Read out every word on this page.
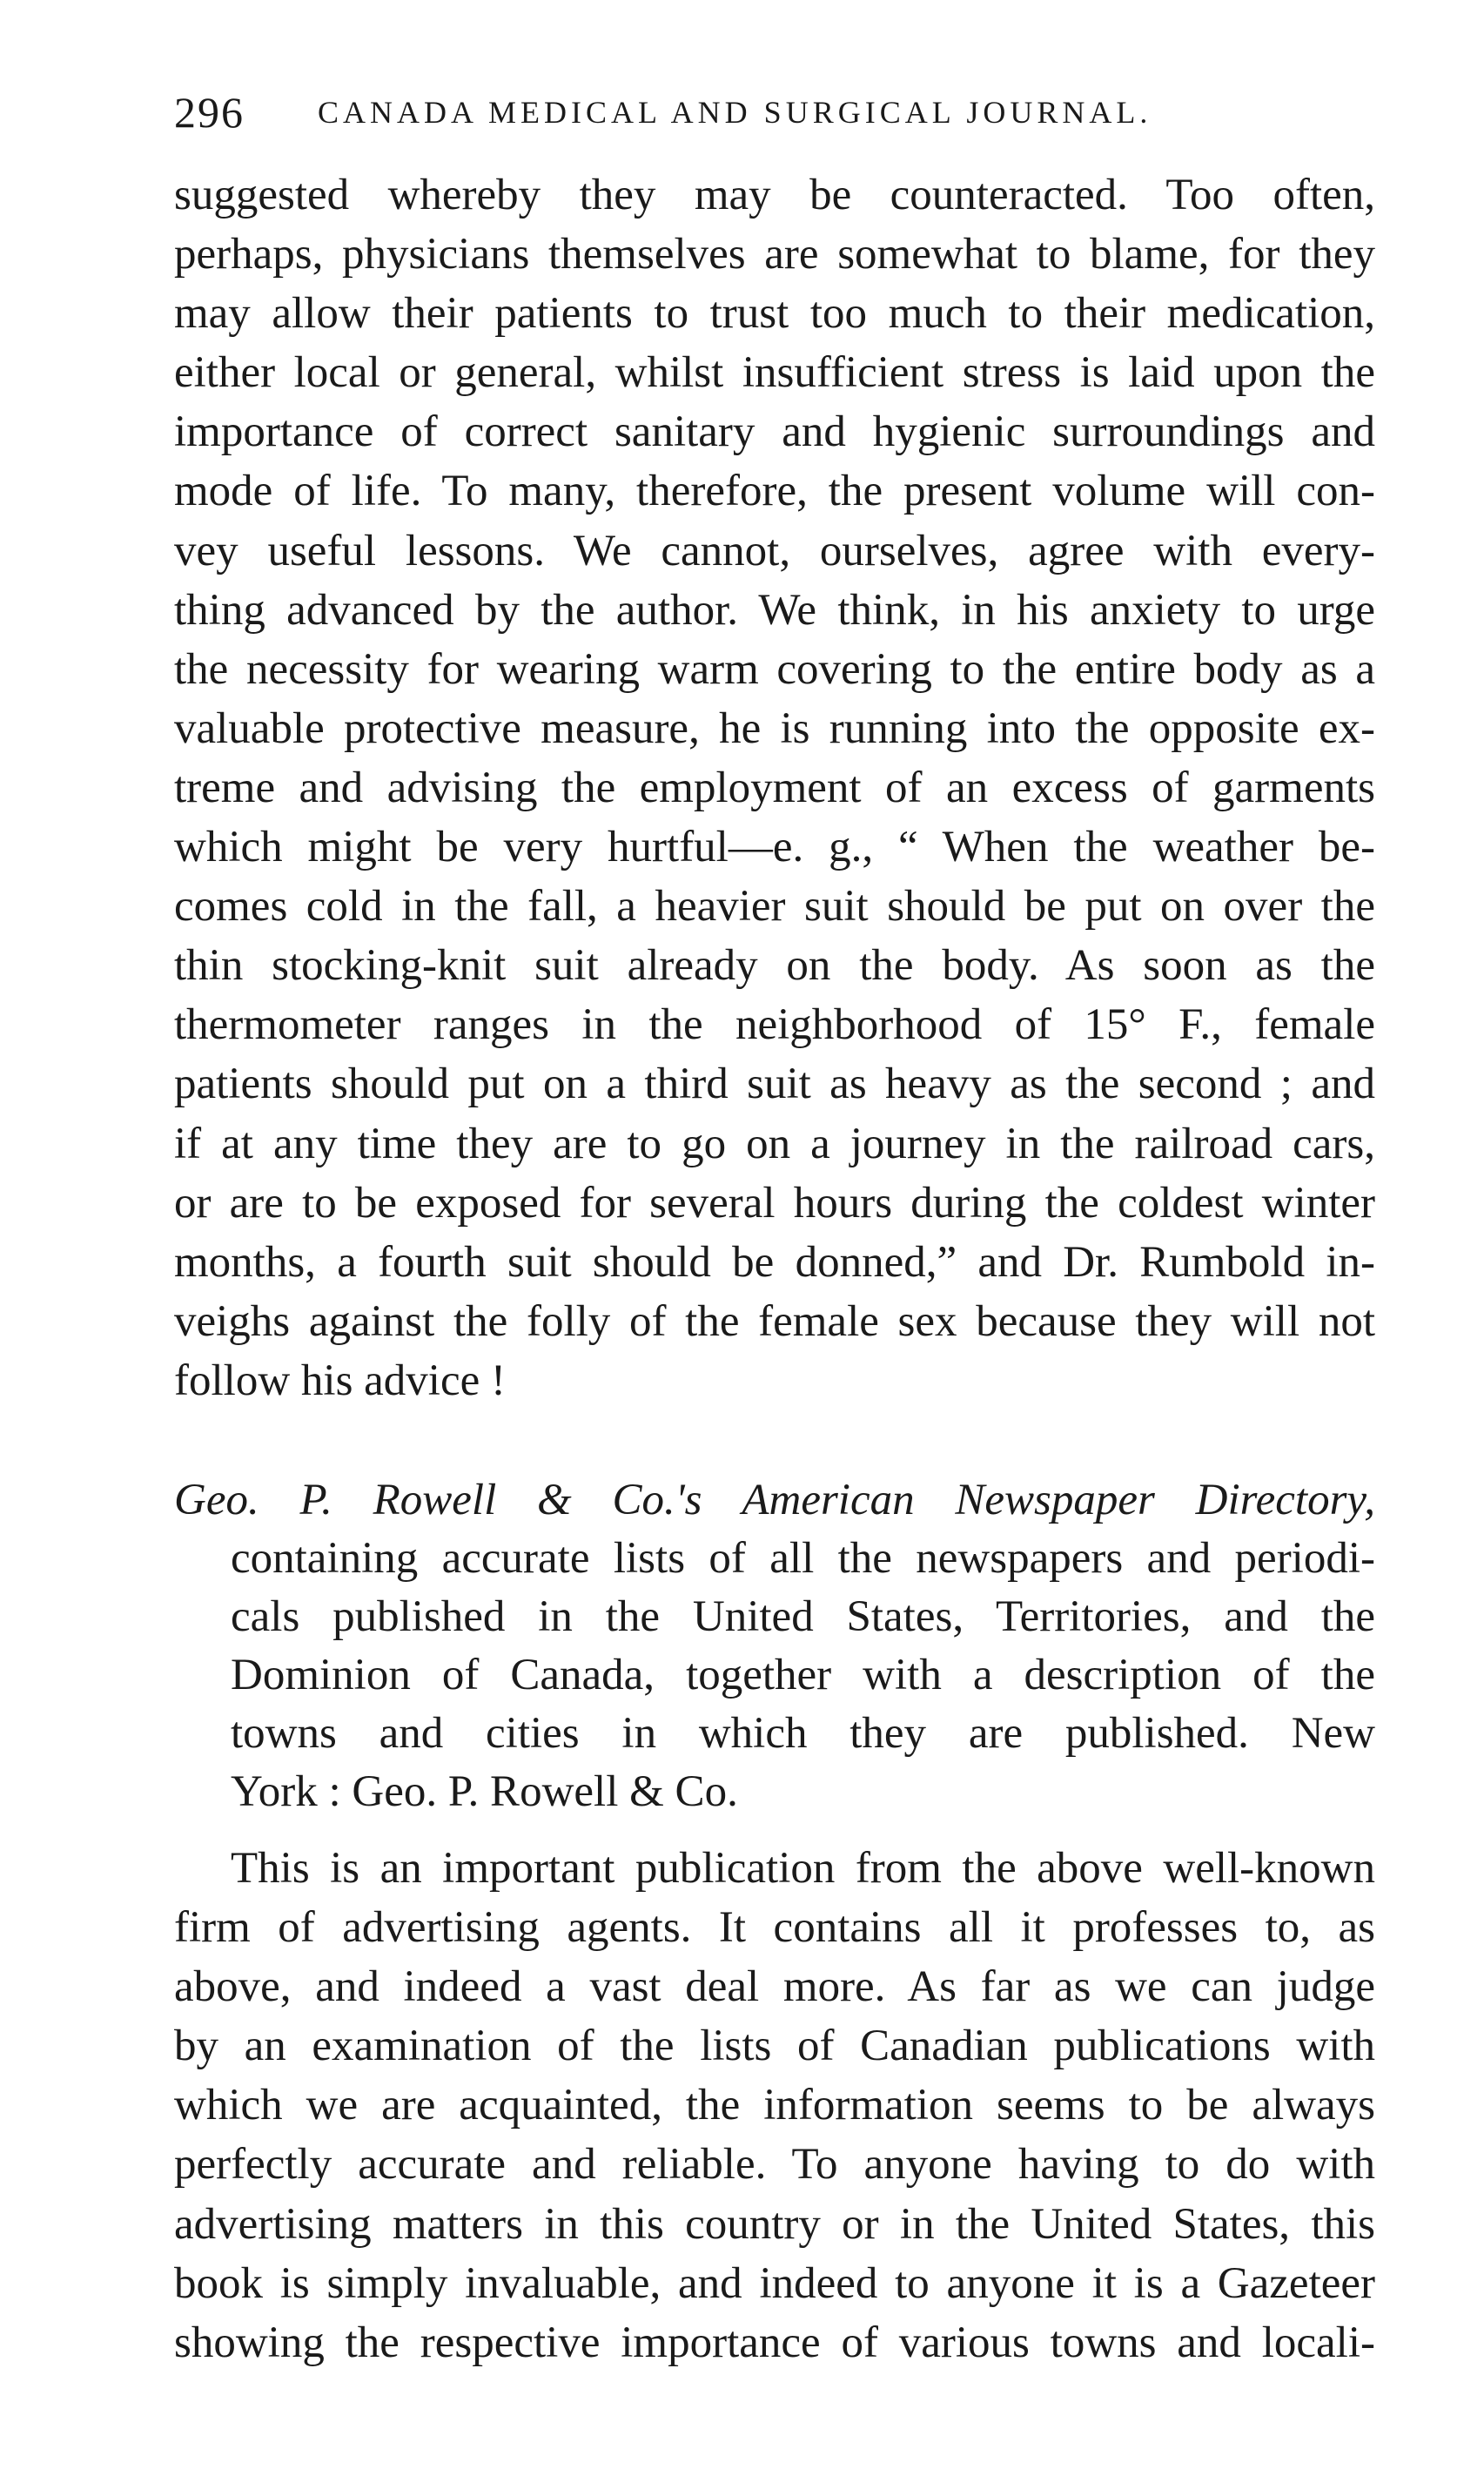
296 CANADA MEDICAL AND SURGICAL JOURNAL.
suggested whereby they may be counteracted. Too often,
perhaps, physicians themselves are somewhat to blame, for they
may allow their patients to trust too much to their medication,
either local or general, whilst insufficient stress is laid upon the
importance of correct sanitary and hygienic surroundings and
mode of life. To many, therefore, the present volume will con-
vey useful lessons. We cannot, ourselves, agree with every-
thing advanced by the author. We think, in his anxiety to urge
the necessity for wearing warm covering to the entire body as a
valuable protective measure, he is running into the opposite ex-
treme and advising the employment of an excess of garments
which might be very hurtful—e. g., “ When the weather be-
comes cold in the fall, a heavier suit should be put on over the
thin stocking-knit suit already on the body. As soon as the
thermometer ranges in the neighborhood of 15° F., female
patients should put on a third suit as heavy as the second ; and
if at any time they are to go on a journey in the railroad cars,
or are to be exposed for several hours during the coldest winter
months, a fourth suit should be donned,” and Dr. Rumbold in-
veighs against the folly of the female sex because they will not
follow his advice !
Geo. P. Rowell & Co.'s American Newspaper Directory,
containing accurate lists of all the newspapers and periodi-
cals published in the United States, Territories, and the
Dominion of Canada, together with a description of the
towns and cities in which they are published. New
York : Geo. P. Rowell & Co.
This is an important publication from the above well-known
firm of advertising agents. It contains all it professes to, as
above, and indeed a vast deal more. As far as we can judge
by an examination of the lists of Canadian publications with
which we are acquainted, the information seems to be always
perfectly accurate and reliable. To anyone having to do with
advertising matters in this country or in the United States, this
book is simply invaluable, and indeed to anyone it is a Gazeteer
showing the respective importance of various towns and locali-
